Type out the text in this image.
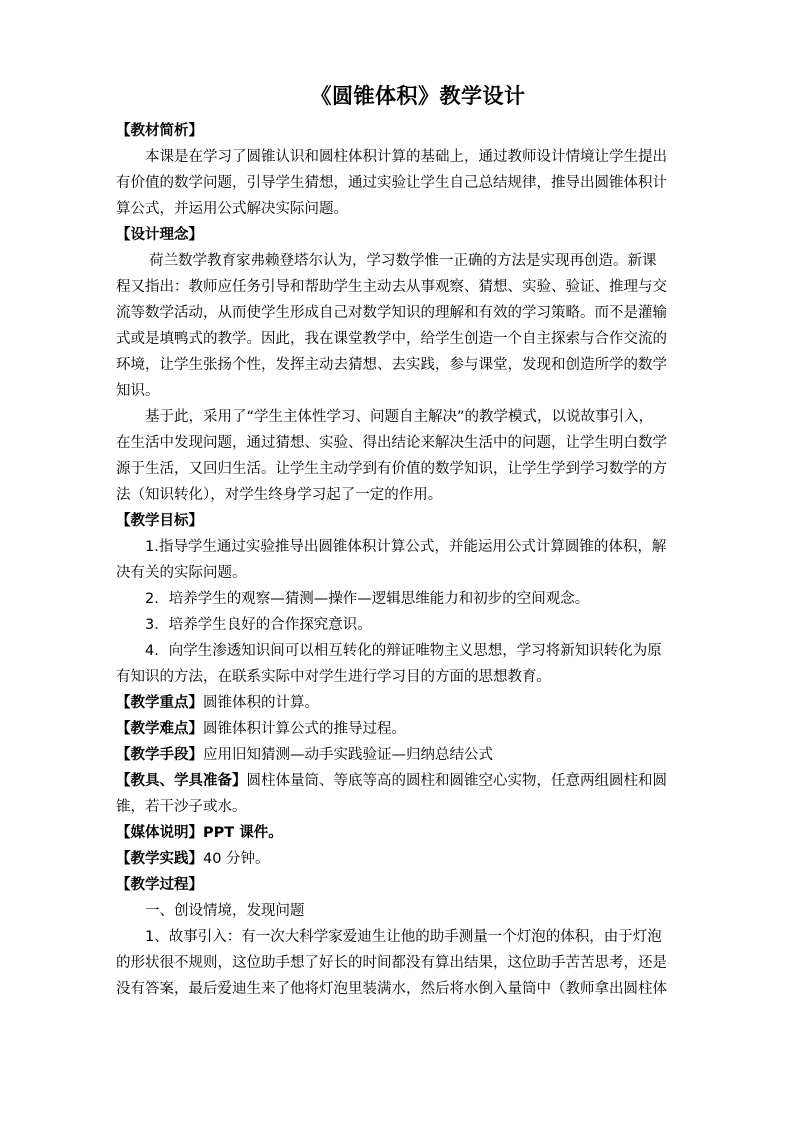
《圆锥体积》教学设计
【教材简析】
本课是在学习了圆锥认识和圆柱体积计算的基础上，通过教师设计情境让学生提出
有价值的数学问题，引导学生猜想，通过实验让学生自己总结规律，推导出圆锥体积计
算公式，并运用公式解决实际问题。
【设计理念】
荷兰数学教育家弗赖登塔尔认为，学习数学惟一正确的方法是实现再创造。新课
程又指出：教师应任务引导和帮助学生主动去从事观察、猜想、实验、验证、推理与交
流等数学活动，从而使学生形成自己对数学知识的理解和有效的学习策略。而不是灌输
式或是填鸭式的教学。因此，我在课堂教学中，给学生创造一个自主探索与合作交流的
环境，让学生张扬个性，发挥主动去猜想、去实践，参与课堂，发现和创造所学的数学
知识。
基于此，采用了“学生主体性学习、问题自主解决”的教学模式，以说故事引入，
在生活中发现问题，通过猜想、实验、得出结论来解决生活中的问题，让学生明白数学
源于生活，又回归生活。让学生主动学到有价值的数学知识，让学生学到学习数学的方
法（知识转化），对学生终身学习起了一定的作用。
【教学目标】
1.指导学生通过实验推导出圆锥体积计算公式，并能运用公式计算圆锥的体积，解
决有关的实际问题。
2．培养学生的观察—猜测—操作—逻辑思维能力和初步的空间观念。
3．培养学生良好的合作探究意识。
4．向学生渗透知识间可以相互转化的辩证唯物主义思想，学习将新知识转化为原
有知识的方法，在联系实际中对学生进行学习目的方面的思想教育。
【教学重点】圆锥体积的计算。
【教学难点】圆锥体积计算公式的推导过程。
【教学手段】应用旧知猜测—动手实践验证—归纳总结公式
【教具、学具准备】圆柱体量筒、等底等高的圆柱和圆锥空心实物，任意两组圆柱和圆
锥，若干沙子或水。
【媒体说明】PPT 课件。
【教学实践】40 分钟。
【教学过程】
一、创设情境，发现问题
1、故事引入：有一次大科学家爱迪生让他的助手测量一个灯泡的体积，由于灯泡
的形状很不规则，这位助手想了好长的时间都没有算出结果，这位助手苦苦思考，还是
没有答案，最后爱迪生来了他将灯泡里装满水，然后将水倒入量筒中（教师拿出圆柱体
